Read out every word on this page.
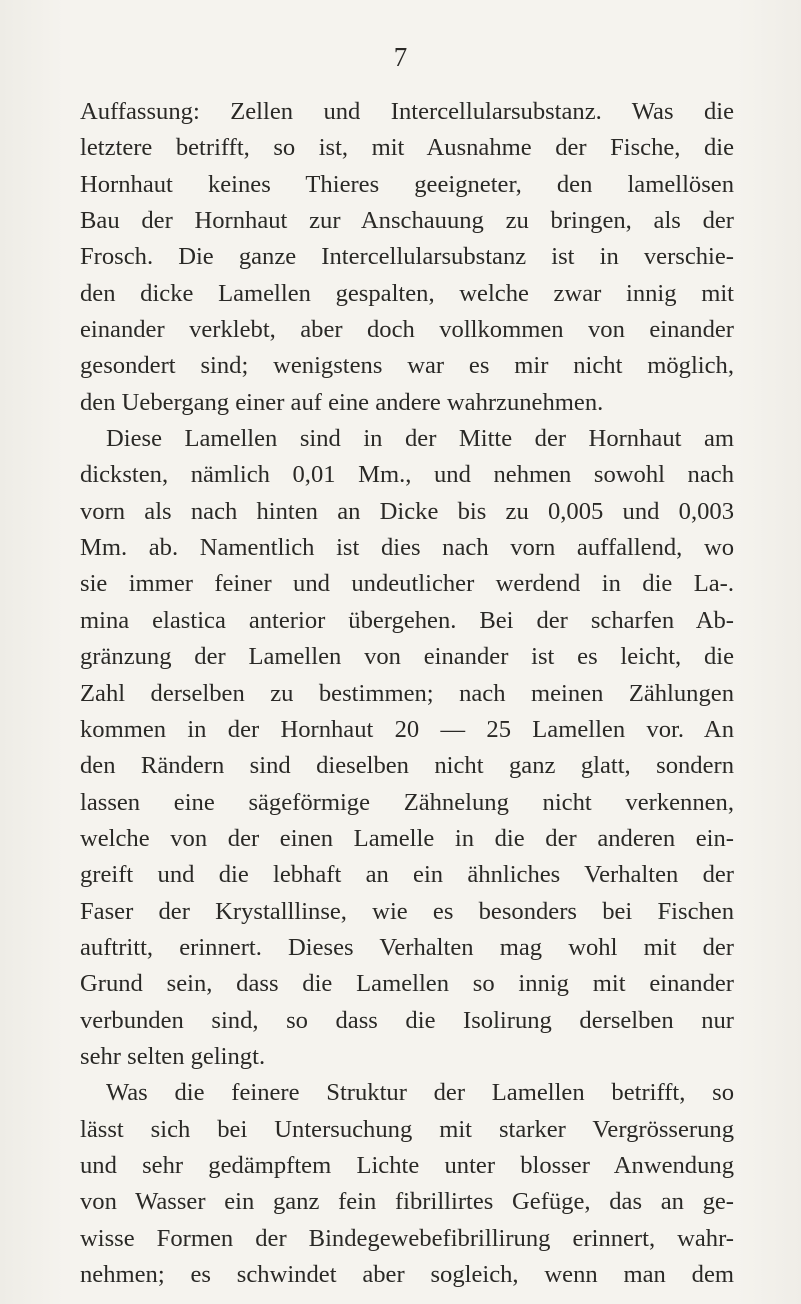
7
Auffassung: Zellen und Intercellularsubstanz. Was die
letztere betrifft, so ist, mit Ausnahme der Fische, die
Hornhaut keines Thieres geeigneter, den lamellösen
Bau der Hornhaut zur Anschauung zu bringen, als der
Frosch. Die ganze Intercellularsubstanz ist in verschie-
den dicke Lamellen gespalten, welche zwar innig mit
einander verklebt, aber doch vollkommen von einander
gesondert sind; wenigstens war es mir nicht möglich,
den Uebergang einer auf eine andere wahrzunehmen.
Diese Lamellen sind in der Mitte der Hornhaut am
dicksten, nämlich 0,01 Mm., und nehmen sowohl nach
vorn als nach hinten an Dicke bis zu 0,005 und 0,003
Mm. ab. Namentlich ist dies nach vorn auffallend, wo
sie immer feiner und undeutlicher werdend in die La-.
mina elastica anterior übergehen. Bei der scharfen Ab-
gränzung der Lamellen von einander ist es leicht, die
Zahl derselben zu bestimmen; nach meinen Zählungen
kommen in der Hornhaut 20 — 25 Lamellen vor. An
den Rändern sind dieselben nicht ganz glatt, sondern
lassen eine sägeförmige Zähnelung nicht verkennen,
welche von der einen Lamelle in die der anderen ein-
greift und die lebhaft an ein ähnliches Verhalten der
Faser der Krystalllinse, wie es besonders bei Fischen
auftritt, erinnert. Dieses Verhalten mag wohl mit der
Grund sein, dass die Lamellen so innig mit einander
verbunden sind, so dass die Isolirung derselben nur
sehr selten gelingt.
Was die feinere Struktur der Lamellen betrifft, so
lässt sich bei Untersuchung mit starker Vergrösserung
und sehr gedämpftem Lichte unter blosser Anwendung
von Wasser ein ganz fein fibrillirtes Gefüge, das an ge-
wisse Formen der Bindegewebefibrillirung erinnert, wahr-
nehmen; es schwindet aber sogleich, wenn man dem
